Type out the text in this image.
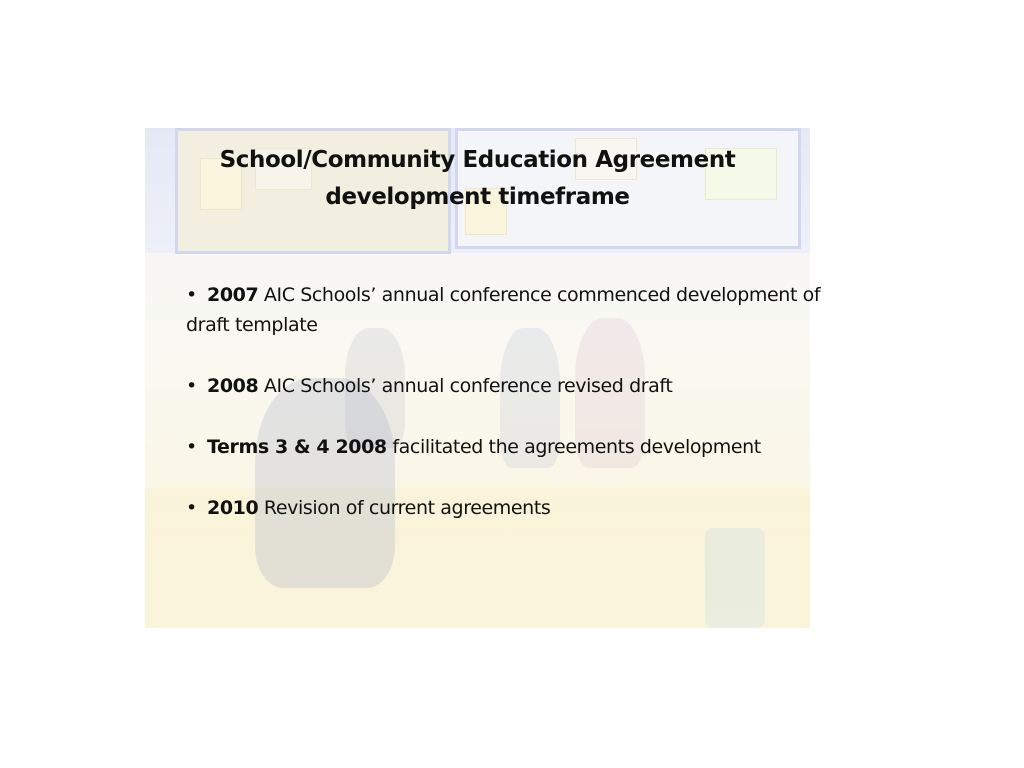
School/Community Education Agreement
development timeframe
• 2007 AIC Schools’ annual conference commenced development of draft template
• 2008 AIC Schools’ annual conference revised draft
• Terms 3 & 4 2008 facilitated the agreements development
• 2010 Revision of current agreements
